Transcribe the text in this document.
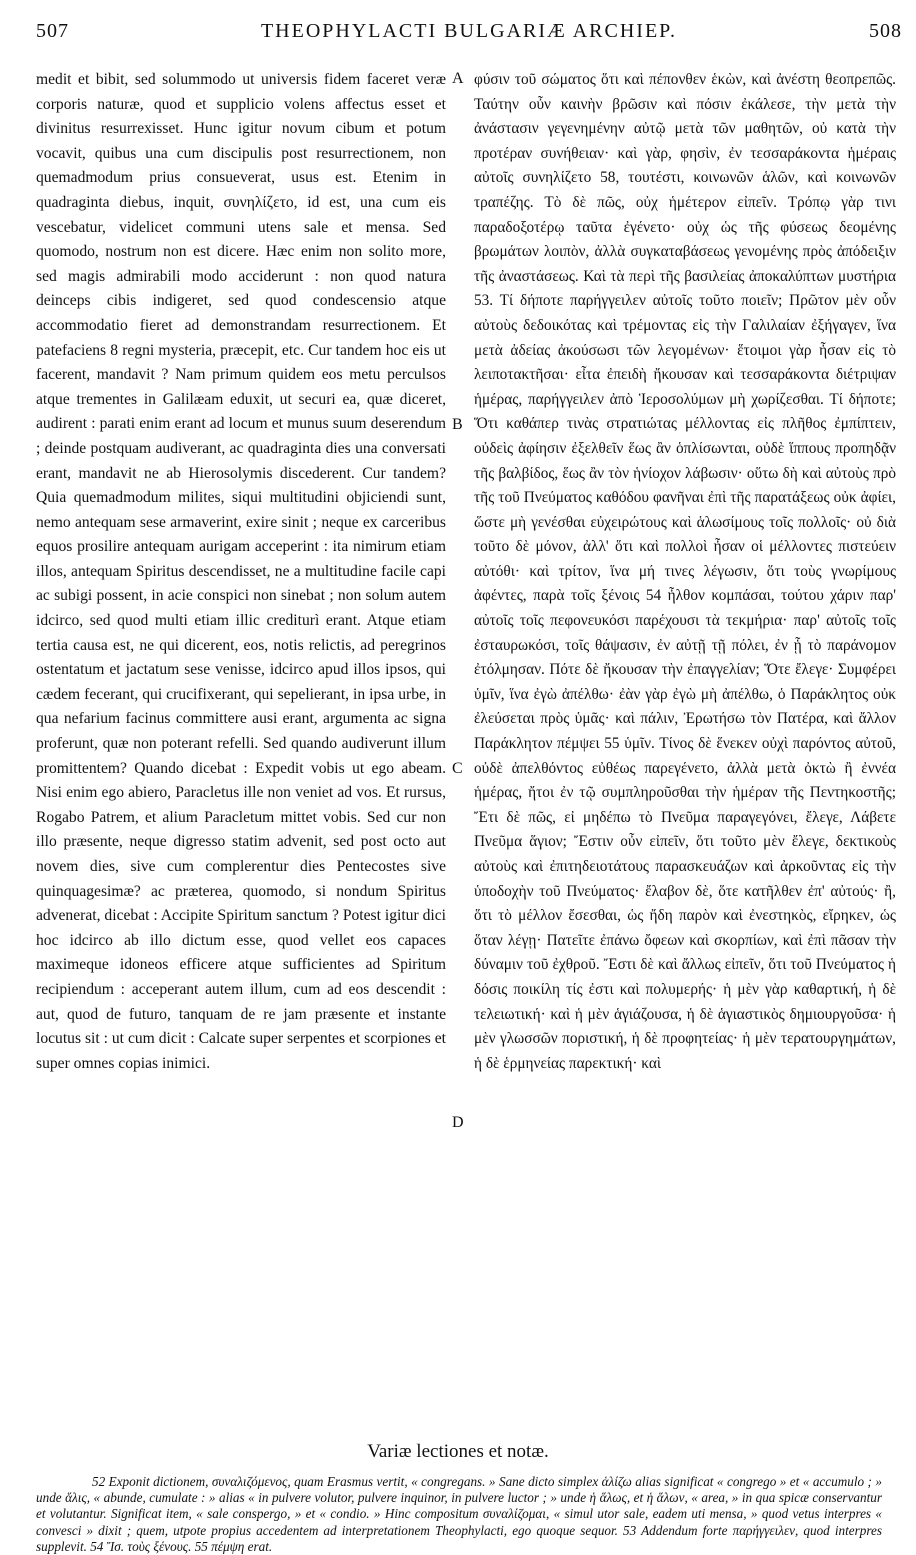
507	THEOPHYLACTI BULGARIÆ ARCHIEP.	508

medit et bibit, sed solummodo ut universis fidem faceret veræ corporis naturæ, quod et supplicio volens affectus esset et divinitus resurrexisset. Hunc igitur novum cibum et potum vocavit, quibus una cum discipulis post resurrectionem, non quemadmodum prius consueverat, usus est. Etenim in quadraginta diebus, inquit, συνηλίζετο, id est, una cum eis vescebatur, videlicet communi utens sale et mensa. Sed quomodo, nostrum non est dicere. Hæc enim non solito more, sed magis admirabili modo acciderunt : non quod natura deinceps cibis indigeret, sed quod condescensio atque accommodatio fieret ad demonstrandam resurrectionem. Et patefaciens 8 regni mysteria, præcepit, etc. Cur tandem hoc eis ut facerent, mandavit ? Nam primum quidem eos metu perculsos atque trementes in Galilæam eduxit, ut securi ea, quæ diceret, audirent : parati enim erant ad locum et munus suum deserendum ; deinde postquam audiverant, ac quadraginta dies una conversati erant, mandavit ne ab Hierosolymis discederent. Cur tandem? Quia quemadmodum milites, siqui multitudini objiciendi sunt, nemo antequam sese armaverint, exire sinit ; neque ex carceribus equos prosilire antequam aurigam acceperint : ita nimirum etiam illos, antequam Spiritus descendisset, ne a multitudine facile capi ac subigi possent, in acie conspici non sinebat ; non solum autem idcirco, sed quod multi etiam illic crediturì erant. Atque etiam tertia causa est, ne qui dicerent, eos, notis relictis, ad peregrinos ostentatum et jactatum sese venisse, idcirco apud illos ipsos, qui cædem fecerant, qui crucifixerant, qui sepelierant, in ipsa urbe, in qua nefarium facinus committere ausi erant, argumenta ac signa proferunt, quæ non poterant refelli. Sed quando audiverunt illum promittentem? Quando dicebat : Expedit vobis ut ego abeam. Nisi enim ego abiero, Paracletus ille non veniet ad vos. Et rursus, Rogabo Patrem, et alium Paracletum mittet vobis. Sed cur non illo præsente, neque digresso statim advenit, sed post octo aut novem dies, sive cum complerentur dies Pentecostes sive quinquagesimæ? ac præterea, quomodo, si nondum Spiritus advenerat, dicebat : Accipite Spiritum sanctum ? Potest igitur dici hoc idcirco ab illo dictum esse, quod vellet eos capaces maximeque idoneos efficere atque sufficientes ad Spiritum recipiendum : acceperant autem illum, cum ad eos descendit : aut, quod de futuro, tanquam de re jam præsente et instante locutus sit : ut cum dicit : Calcate super serpentes et scorpiones et super omnes copias inimici.

A
B
C
D

φύσιν τοῦ σώματος ὅτι καὶ πέπονθεν ἑκὼν, καὶ ἀνέστη θεοπρεπῶς. Ταύτην οὖν καινὴν βρῶσιν καὶ πόσιν ἐκάλεσε, τὴν μετὰ τὴν ἀνάστασιν γεγενημένην αὐτῷ μετὰ τῶν μαθητῶν, οὐ κατὰ τὴν προτέραν συνήθειαν· καὶ γὰρ, φησὶν, ἐν τεσσαράκοντα ἡμέραις αὐτοῖς συνηλίζετο 58, τουτέστι, κοινωνῶν ἁλῶν, καὶ κοινωνῶν τραπέζης. Τὸ δὲ πῶς, οὐχ ἡμέτερον εἰπεῖν. Τρόπῳ γὰρ τινι παραδοξοτέρῳ ταῦτα ἐγένετο· οὐχ ὡς τῆς φύσεως δεομένης βρωμάτων λοιπὸν, ἀλλὰ συγκαταβάσεως γενομένης πρὸς ἀπόδειξιν τῆς ἀναστάσεως. Καὶ τὰ περὶ τῆς βασιλείας ἀποκαλύπτων μυστήρια 53. Τί δήποτε παρήγγειλεν αὐτοῖς τοῦτο ποιεῖν; Πρῶτον μὲν οὖν αὐτοὺς δεδοικότας καὶ τρέμοντας εἰς τὴν Γαλιλαίαν ἐξήγαγεν, ἵνα μετὰ ἀδείας ἀκούσωσι τῶν λεγομένων· ἕτοιμοι γὰρ ἦσαν εἰς τὸ λειποτακτῆσαι· εἶτα ἐπειδὴ ἤκουσαν καὶ τεσσαράκοντα διέτριψαν ἡμέρας, παρήγγειλεν ἀπὸ Ἱεροσολύμων μὴ χωρίζεσθαι. Τί δήποτε; Ὅτι καθάπερ τινὰς στρατιώτας μέλλοντας εἰς πλῆθος ἐμπίπτειν, οὐδεὶς ἀφίησιν ἐξελθεῖν ἕως ἂν ὁπλίσωνται, οὐδὲ ἵππους προπηδᾷν τῆς βαλβίδος, ἕως ἂν τὸν ἡνίοχον λάβωσιν· οὕτω δὴ καὶ αὐτοὺς πρὸ τῆς τοῦ Πνεύματος καθόδου φανῆναι ἐπὶ τῆς παρατάξεως οὐκ ἀφίει, ὥστε μὴ γενέσθαι εὐχειρώτους καὶ ἁλωσίμους τοῖς πολλοῖς· οὐ διὰ τοῦτο δὲ μόνον, ἀλλ' ὅτι καὶ πολλοὶ ἦσαν οἱ μέλλοντες πιστεύειν αὐτόθι· καὶ τρίτον, ἵνα μή τινες λέγωσιν, ὅτι τοὺς γνωρίμους ἀφέντες, παρὰ τοῖς ξένοις 54 ἦλθον κομπάσαι, τούτου χάριν παρ' αὐτοῖς τοῖς πεφονευκόσι παρέχουσι τὰ τεκμήρια· παρ' αὐτοῖς τοῖς ἐσταυρωκόσι, τοῖς θάψασιν, ἐν αὐτῇ τῇ πόλει, ἐν ᾗ τὸ παράνομον ἐτόλμησαν. Πότε δὲ ἤκουσαν τὴν ἐπαγγελίαν; Ὅτε ἔλεγε· Συμφέρει ὑμῖν, ἵνα ἐγὼ ἀπέλθω· ἐὰν γὰρ ἐγὼ μὴ ἀπέλθω, ὁ Παράκλητος οὐκ ἐλεύσεται πρὸς ὑμᾶς· καὶ πάλιν, Ἐρωτήσω τὸν Πατέρα, καὶ ἄλλον Παράκλητον πέμψει 55 ὑμῖν. Τίνος δὲ ἕνεκεν οὐχὶ παρόντος αὐτοῦ, οὐδὲ ἀπελθόντος εὐθέως παρεγένετο, ἀλλὰ μετὰ ὀκτὼ ἢ ἐννέα ἡμέρας, ἤτοι ἐν τῷ συμπληροῦσθαι τὴν ἡμέραν τῆς Πεντηκοστῆς; Ἔτι δὲ πῶς, εἰ μηδέπω τὸ Πνεῦμα παραγεγόνει, ἔλεγε, Λάβετε Πνεῦμα ἅγιον; Ἔστιν οὖν εἰπεῖν, ὅτι τοῦτο μὲν ἔλεγε, δεκτικοὺς αὐτοὺς καὶ ἐπιτηδειοτάτους παρασκευάζων καὶ ἀρκοῦντας εἰς τὴν ὑποδοχὴν τοῦ Πνεύματος· ἔλαβον δὲ, ὅτε κατῆλθεν ἐπ' αὐτούς· ἢ, ὅτι τὸ μέλλον ἔσεσθαι, ὡς ἤδη παρὸν καὶ ἐνεστηκὸς, εἴρηκεν, ὡς ὅταν λέγῃ· Πατεῖτε ἐπάνω ὄφεων καὶ σκορπίων, καὶ ἐπὶ πᾶσαν τὴν δύναμιν τοῦ ἐχθροῦ. Ἔστι δὲ καὶ ἄλλως εἰπεῖν, ὅτι τοῦ Πνεύματος ἡ δόσις ποικίλη τίς ἐστι καὶ πολυμερής· ἡ μὲν γὰρ καθαρτική, ἡ δὲ τελειωτική· καὶ ἡ μὲν ἁγιάζουσα, ἡ δὲ ἁγιαστικὸς δημιουργοῦσα· ἡ μὲν γλωσσῶν ποριστική, ἡ δὲ προφητείας· ἡ μὲν τερατουργημάτων, ἡ δὲ ἑρμηνείας παρεκτική· καὶ

Variæ lectiones et notæ.

52 Exponit dictionem, συναλιζόμενος, quam Erasmus vertit, « congregans. » Sane dicto simplex ἁλίζω alias significat « congrego » et « accumulo ; » unde ἅλις, « abunde, cumulate : » alias « in pulvere volutor, pulvere inquinor, in pulvere luctor ; » unde ἡ ἅλως, et ἡ ἅλων, « area, » in qua spicæ conservantur et volutantur. Significat item, « sale conspergo, » et « condio. » Hinc compositum συναλίζομαι, « simul utor sale, eadem uti mensa, » quod vetus interpres « convesci » dixit ; quem, utpote propius accedentem ad interpretationem Theophylacti, ego quoque sequor. 53 Addendum forte παρήγγειλεν, quod interpres supplevit. 54 Ἴσ. τοὺς ξένους. 55 πέμψη erat.
